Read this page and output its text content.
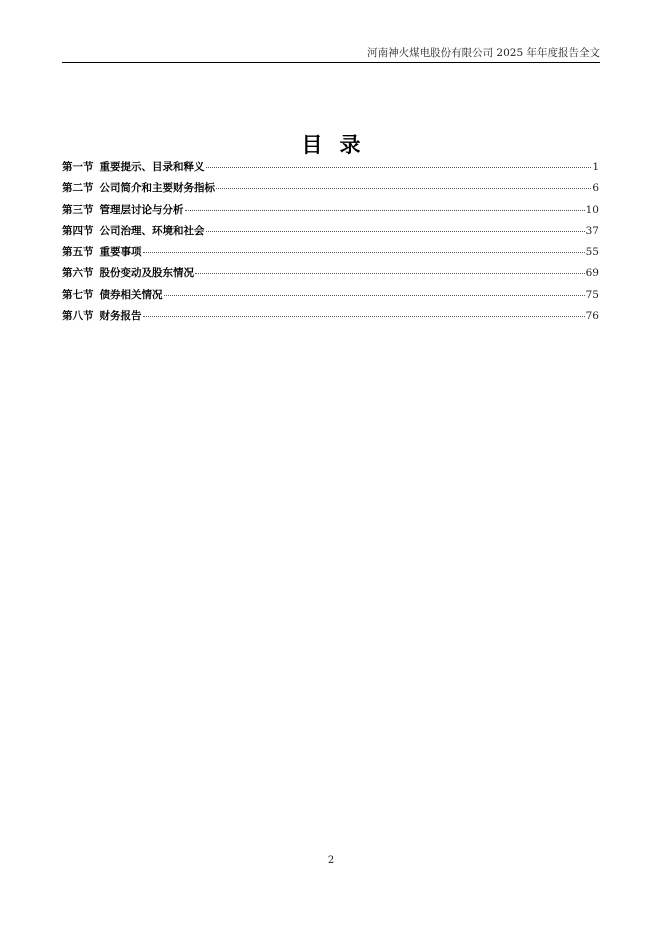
河南神火煤电股份有限公司 2025 年年度报告全文
目录
第一节 重要提示、目录和释义	1
第二节 公司简介和主要财务指标	6
第三节 管理层讨论与分析	10
第四节 公司治理、环境和社会	37
第五节 重要事项	55
第六节 股份变动及股东情况	69
第七节 债券相关情况	75
第八节 财务报告	76
2
